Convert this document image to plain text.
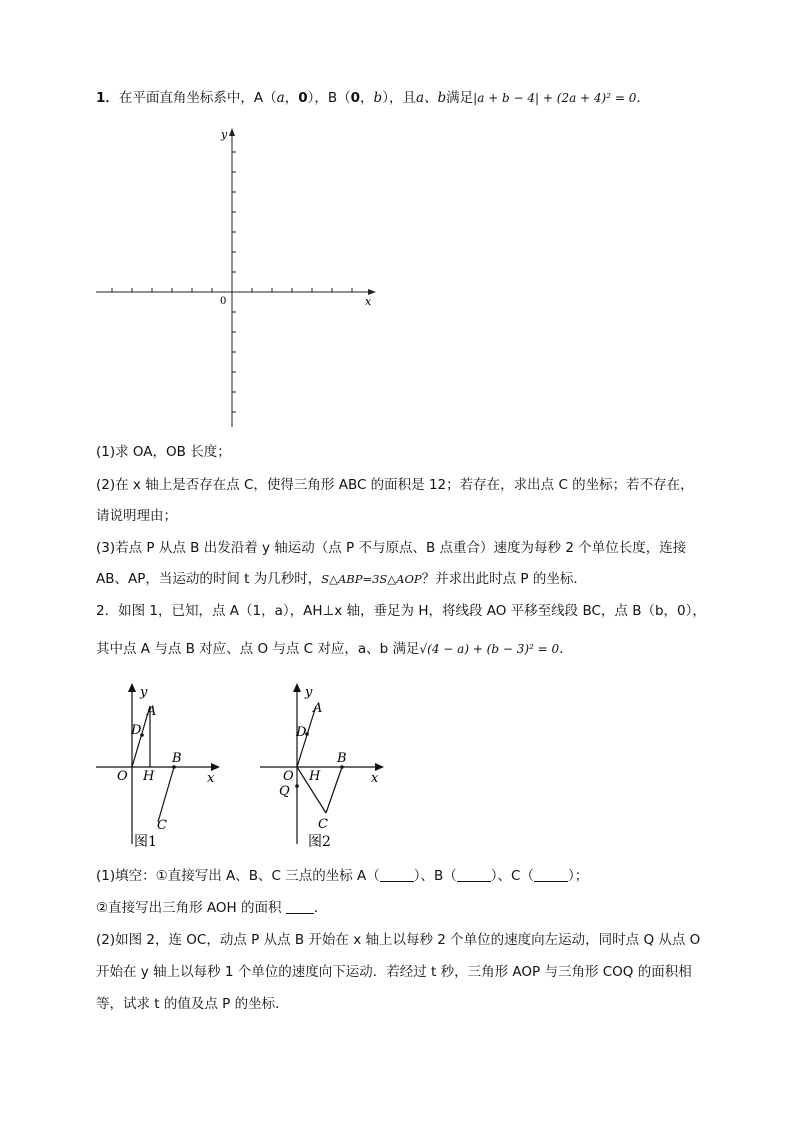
1．在平面直角坐标系中，A（a，0），B（0，b），且a、b满足|a + b − 4| + (2a + 4)² = 0．
y
x
0
(1)求 OA，OB 长度；
(2)在 x 轴上是否存在点 C，使得三角形 ABC 的面积是 12；若存在，求出点 C 的坐标；若不存在，
请说明理由；
(3)若点 P 从点 B 出发沿着 y 轴运动（点 P 不与原点、B 点重合）速度为每秒 2 个单位长度，连接
AB、AP，当运动的时间 t 为几秒时，S△ABP=3S△AOP？并求出此时点 P 的坐标．
2．如图 1，已知，点 A（1，a），AH⊥x 轴，垂足为 H，将线段 AO 平移至线段 BC，点 B（b，0），
其中点 A 与点 B 对应、点 O 与点 C 对应，a、b 满足√(4 − a) + (b − 3)² = 0．
y
x
A
D
O H
B
C
图1
y
x
A
D
O H
B
Q
C
图2
(1)填空：①直接写出 A、B、C 三点的坐标 A（	）、B（	）、C（	）；
②直接写出三角形 AOH 的面积 ．
(2)如图 2，连 OC，动点 P 从点 B 开始在 x 轴上以每秒 2 个单位的速度向左运动，同时点 Q 从点 O
开始在 y 轴上以每秒 1 个单位的速度向下运动．若经过 t 秒，三角形 AOP 与三角形 COQ 的面积相
等，试求 t 的值及点 P 的坐标．
